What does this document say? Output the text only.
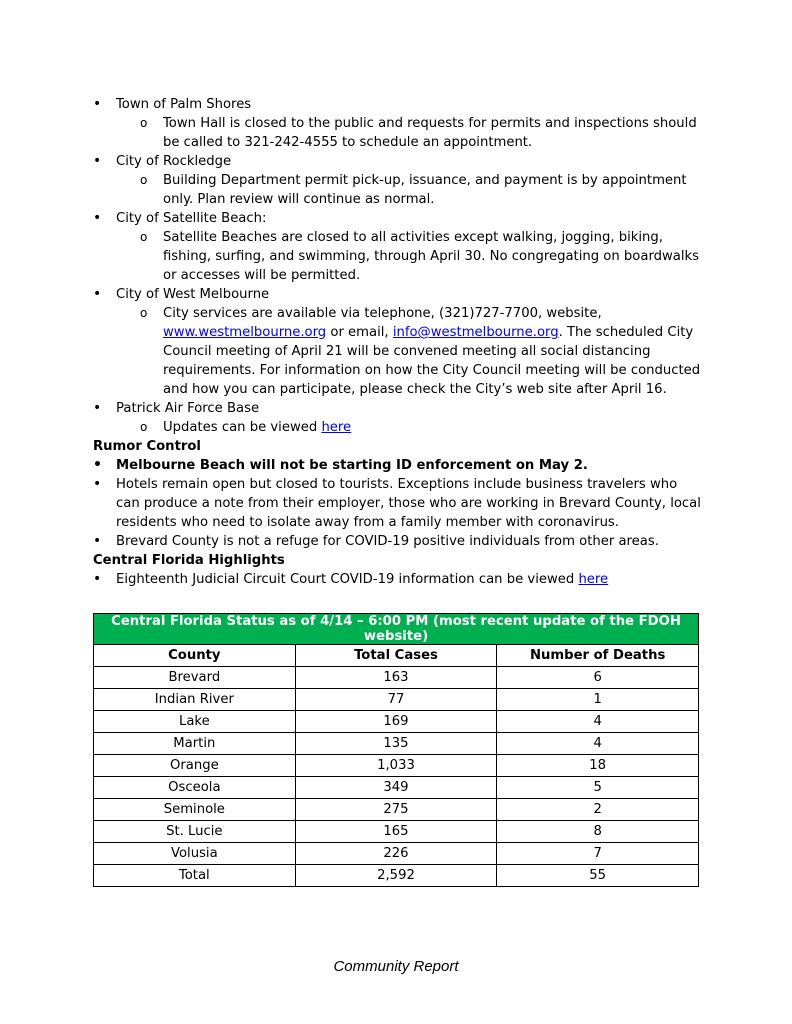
• Town of Palm Shores
o Town Hall is closed to the public and requests for permits and inspections should be called to 321-242-4555 to schedule an appointment.
• City of Rockledge
o Building Department permit pick-up, issuance, and payment is by appointment only. Plan review will continue as normal.
• City of Satellite Beach:
o Satellite Beaches are closed to all activities except walking, jogging, biking, fishing, surfing, and swimming, through April 30. No congregating on boardwalks or accesses will be permitted.
• City of West Melbourne
o City services are available via telephone, (321)727-7700, website, www.westmelbourne.org or email, info@westmelbourne.org. The scheduled City Council meeting of April 21 will be convened meeting all social distancing requirements. For information on how the City Council meeting will be conducted and how you can participate, please check the City’s web site after April 16.
• Patrick Air Force Base
o Updates can be viewed here
Rumor Control
• Melbourne Beach will not be starting ID enforcement on May 2.
• Hotels remain open but closed to tourists. Exceptions include business travelers who can produce a note from their employer, those who are working in Brevard County, local residents who need to isolate away from a family member with coronavirus.
• Brevard County is not a refuge for COVID-19 positive individuals from other areas.
Central Florida Highlights
• Eighteenth Judicial Circuit Court COVID-19 information can be viewed here
Central Florida Status as of 4/14 – 6:00 PM (most recent update of the FDOH website)		
County	Total Cases	Number of Deaths
Brevard	163	6
Indian River	77	1
Lake	169	4
Martin	135	4
Orange	1,033	18
Osceola	349	5
Seminole	275	2
St. Lucie	165	8
Volusia	226	7
Total	2,592	55
Community Report
